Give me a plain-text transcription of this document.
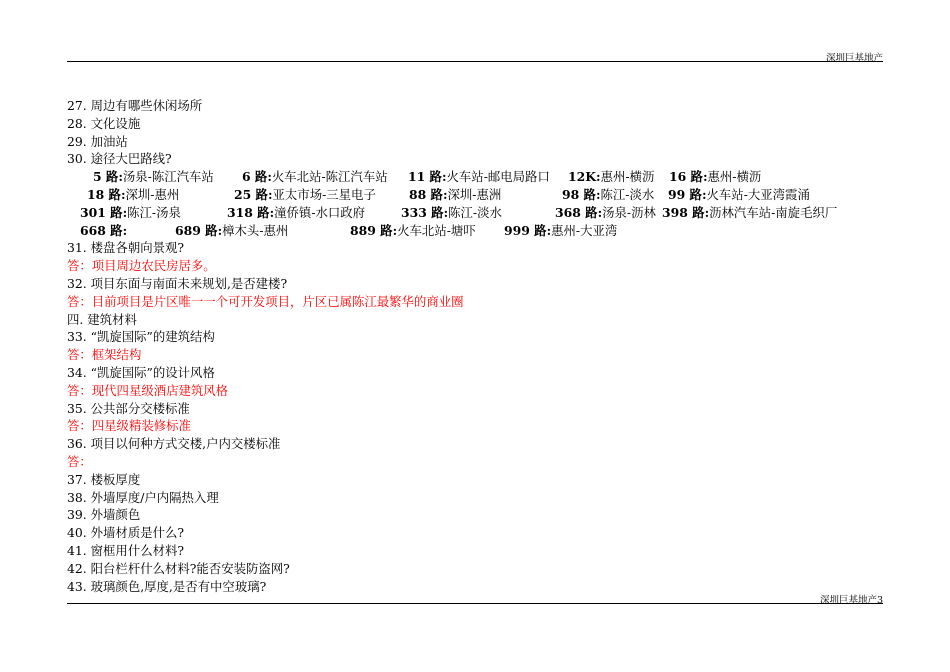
深圳巨基地产
27. 周边有哪些休闲场所
28. 文化设施
29. 加油站
30. 途径大巴路线?
5 路:汤泉-陈江汽车站 6 路:火车北站-陈江汽车站 11 路:火车站-邮电局路口 12K:惠州-横沥 16 路:惠州-横沥
18 路:深圳-惠州	25 路:亚太市场-三星电子	88 路:深圳-惠洲	98 路:陈江-淡水 99 路:火车站-大亚湾霞涌
301 路:陈江-汤泉	318 路:潼侨镇-水口政府	333 路:陈江-淡水	368 路:汤泉-沥林 398 路:沥林汽车站-南旋毛织厂
668 路:	689 路:樟木头-惠州	889 路:火车北站-塘吓 999 路:惠州-大亚湾
31. 楼盘各朝向景观?
答：项目周边农民房居多。
32. 项目东面与南面未来规划,是否建楼?
答：目前项目是片区唯一一个可开发项目，片区已属陈江最繁华的商业圈
四. 建筑材料
33. “凯旋国际”的建筑结构
答：框架结构
34. “凯旋国际”的设计风格
答：现代四星级酒店建筑风格
35. 公共部分交楼标准
答：四星级精装修标准
36. 项目以何种方式交楼,户内交楼标准
答：
37. 楼板厚度
38. 外墙厚度/户内隔热入理
39. 外墙颜色
40. 外墙材质是什么?
41. 窗框用什么材料?
42. 阳台栏杆什么材料?能否安装防盗网?
43. 玻璃颜色,厚度,是否有中空玻璃?
深圳巨基地产3
